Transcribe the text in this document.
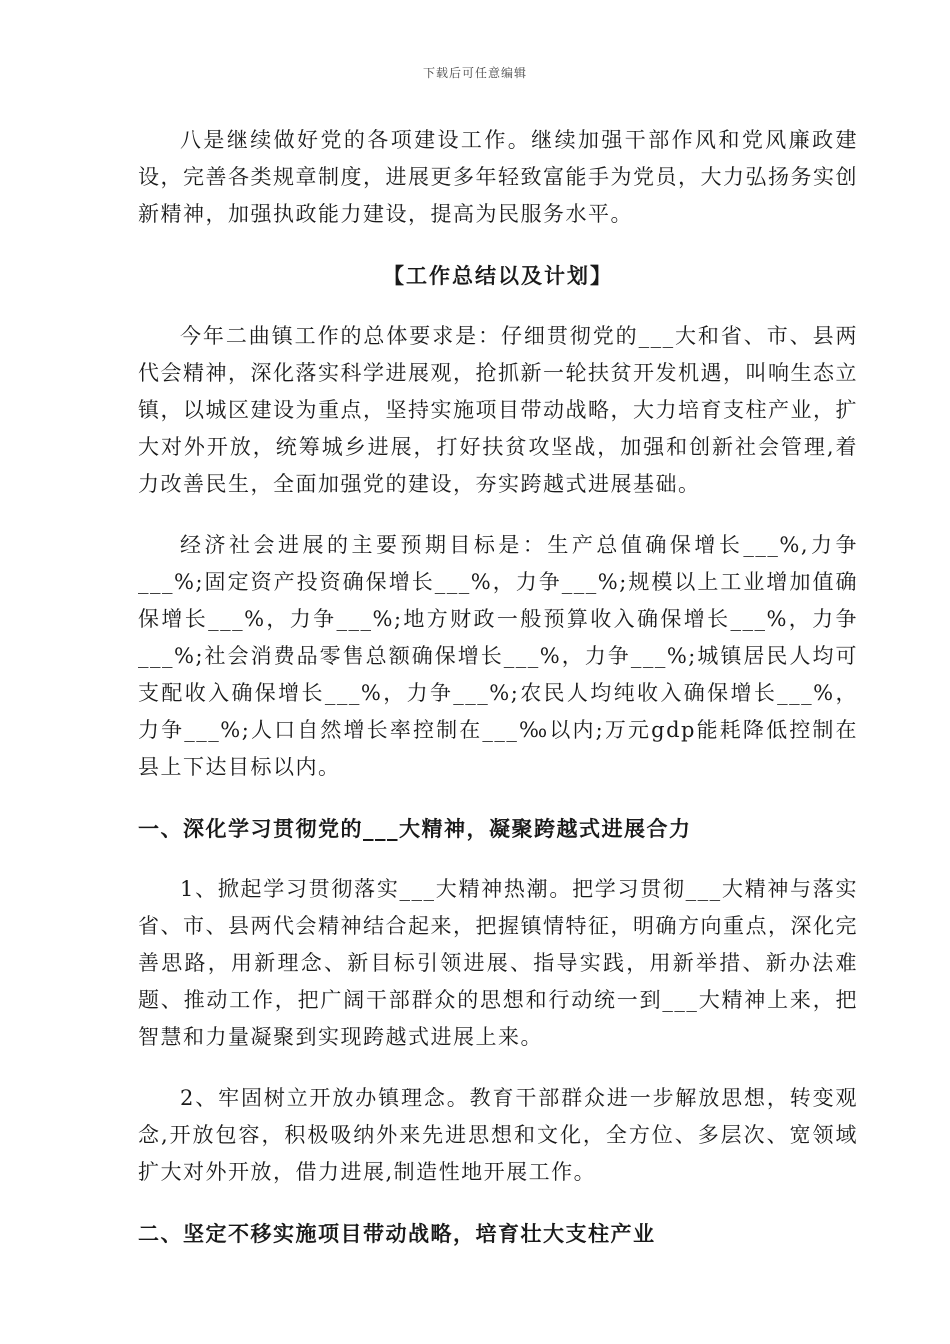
下载后可任意编辑

八是继续做好党的各项建设工作。继续加强干部作风和党风廉政建设，完善各类规章制度，进展更多年轻致富能手为党员，大力弘扬务实创新精神，加强执政能力建设，提高为民服务水平。

【工作总结以及计划】

今年二曲镇工作的总体要求是：仔细贯彻党的___大和省、市、县两代会精神，深化落实科学进展观，抢抓新一轮扶贫开发机遇，叫响生态立镇，以城区建设为重点，坚持实施项目带动战略，大力培育支柱产业，扩大对外开放，统筹城乡进展，打好扶贫攻坚战，加强和创新社会管理,着力改善民生，全面加强党的建设，夯实跨越式进展基础。

经济社会进展的主要预期目标是：生产总值确保增长___%,力争___%;固定资产投资确保增长___%，力争___%;规模以上工业增加值确保增长___%，力争___%;地方财政一般预算收入确保增长___%，力争___%;社会消费品零售总额确保增长___%，力争___%;城镇居民人均可支配收入确保增长___%，力争___%;农民人均纯收入确保增长___%，力争___%;人口自然增长率控制在___‰以内;万元gdp能耗降低控制在县上下达目标以内。

一、深化学习贯彻党的___大精神，凝聚跨越式进展合力

1、掀起学习贯彻落实___大精神热潮。把学习贯彻___大精神与落实省、市、县两代会精神结合起来，把握镇情特征，明确方向重点，深化完善思路，用新理念、新目标引领进展、指导实践，用新举措、新办法难题、推动工作，把广阔干部群众的思想和行动统一到___大精神上来，把智慧和力量凝聚到实现跨越式进展上来。

2、牢固树立开放办镇理念。教育干部群众进一步解放思想，转变观念,开放包容，积极吸纳外来先进思想和文化，全方位、多层次、宽领域扩大对外开放，借力进展,制造性地开展工作。

二、坚定不移实施项目带动战略，培育壮大支柱产业
